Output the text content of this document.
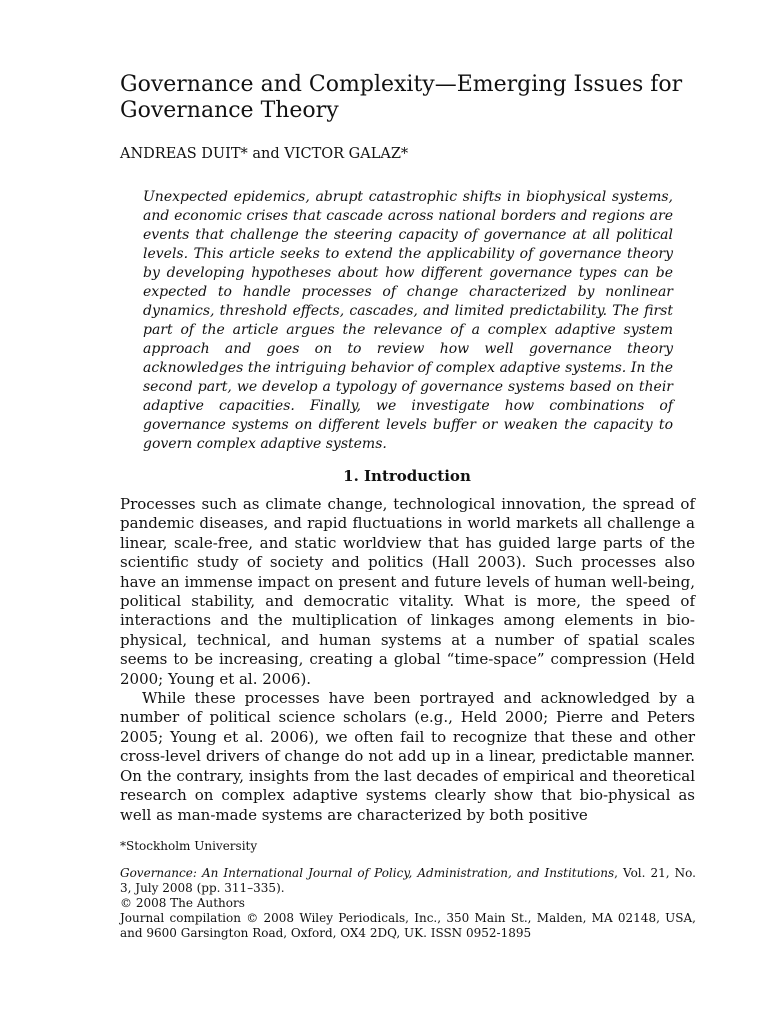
Governance and Complexity—Emerging Issues for Governance Theory

ANDREAS DUIT* and VICTOR GALAZ*

Unexpected epidemics, abrupt catastrophic shifts in biophysical systems, and economic crises that cascade across national borders and regions are events that challenge the steering capacity of governance at all political levels. This article seeks to extend the applicability of governance theory by developing hypotheses about how different governance types can be expected to handle processes of change characterized by nonlinear dynamics, threshold effects, cascades, and limited predictability. The first part of the article argues the relevance of a complex adaptive system approach and goes on to review how well governance theory acknowledges the intriguing behavior of complex adaptive systems. In the second part, we develop a typology of governance systems based on their adaptive capacities. Finally, we investigate how combinations of governance systems on different levels buffer or weaken the capacity to govern complex adaptive systems.

1. Introduction

Processes such as climate change, technological innovation, the spread of pandemic diseases, and rapid fluctuations in world markets all challenge a linear, scale-free, and static worldview that has guided large parts of the scientific study of society and politics (Hall 2003). Such processes also have an immense impact on present and future levels of human well-being, political stability, and democratic vitality. What is more, the speed of interactions and the multiplication of linkages among elements in bio-physical, technical, and human systems at a number of spatial scales seems to be increasing, creating a global “time-space” compression (Held 2000; Young et al. 2006).

While these processes have been portrayed and acknowledged by a number of political science scholars (e.g., Held 2000; Pierre and Peters 2005; Young et al. 2006), we often fail to recognize that these and other cross-level drivers of change do not add up in a linear, predictable manner. On the contrary, insights from the last decades of empirical and theoretical research on complex adaptive systems clearly show that bio-physical as well as man-made systems are characterized by both positive

*Stockholm University

Governance: An International Journal of Policy, Administration, and Institutions, Vol. 21, No. 3, July 2008 (pp. 311–335).
© 2008 The Authors
Journal compilation © 2008 Wiley Periodicals, Inc., 350 Main St., Malden, MA 02148, USA, and 9600 Garsington Road, Oxford, OX4 2DQ, UK. ISSN 0952-1895
